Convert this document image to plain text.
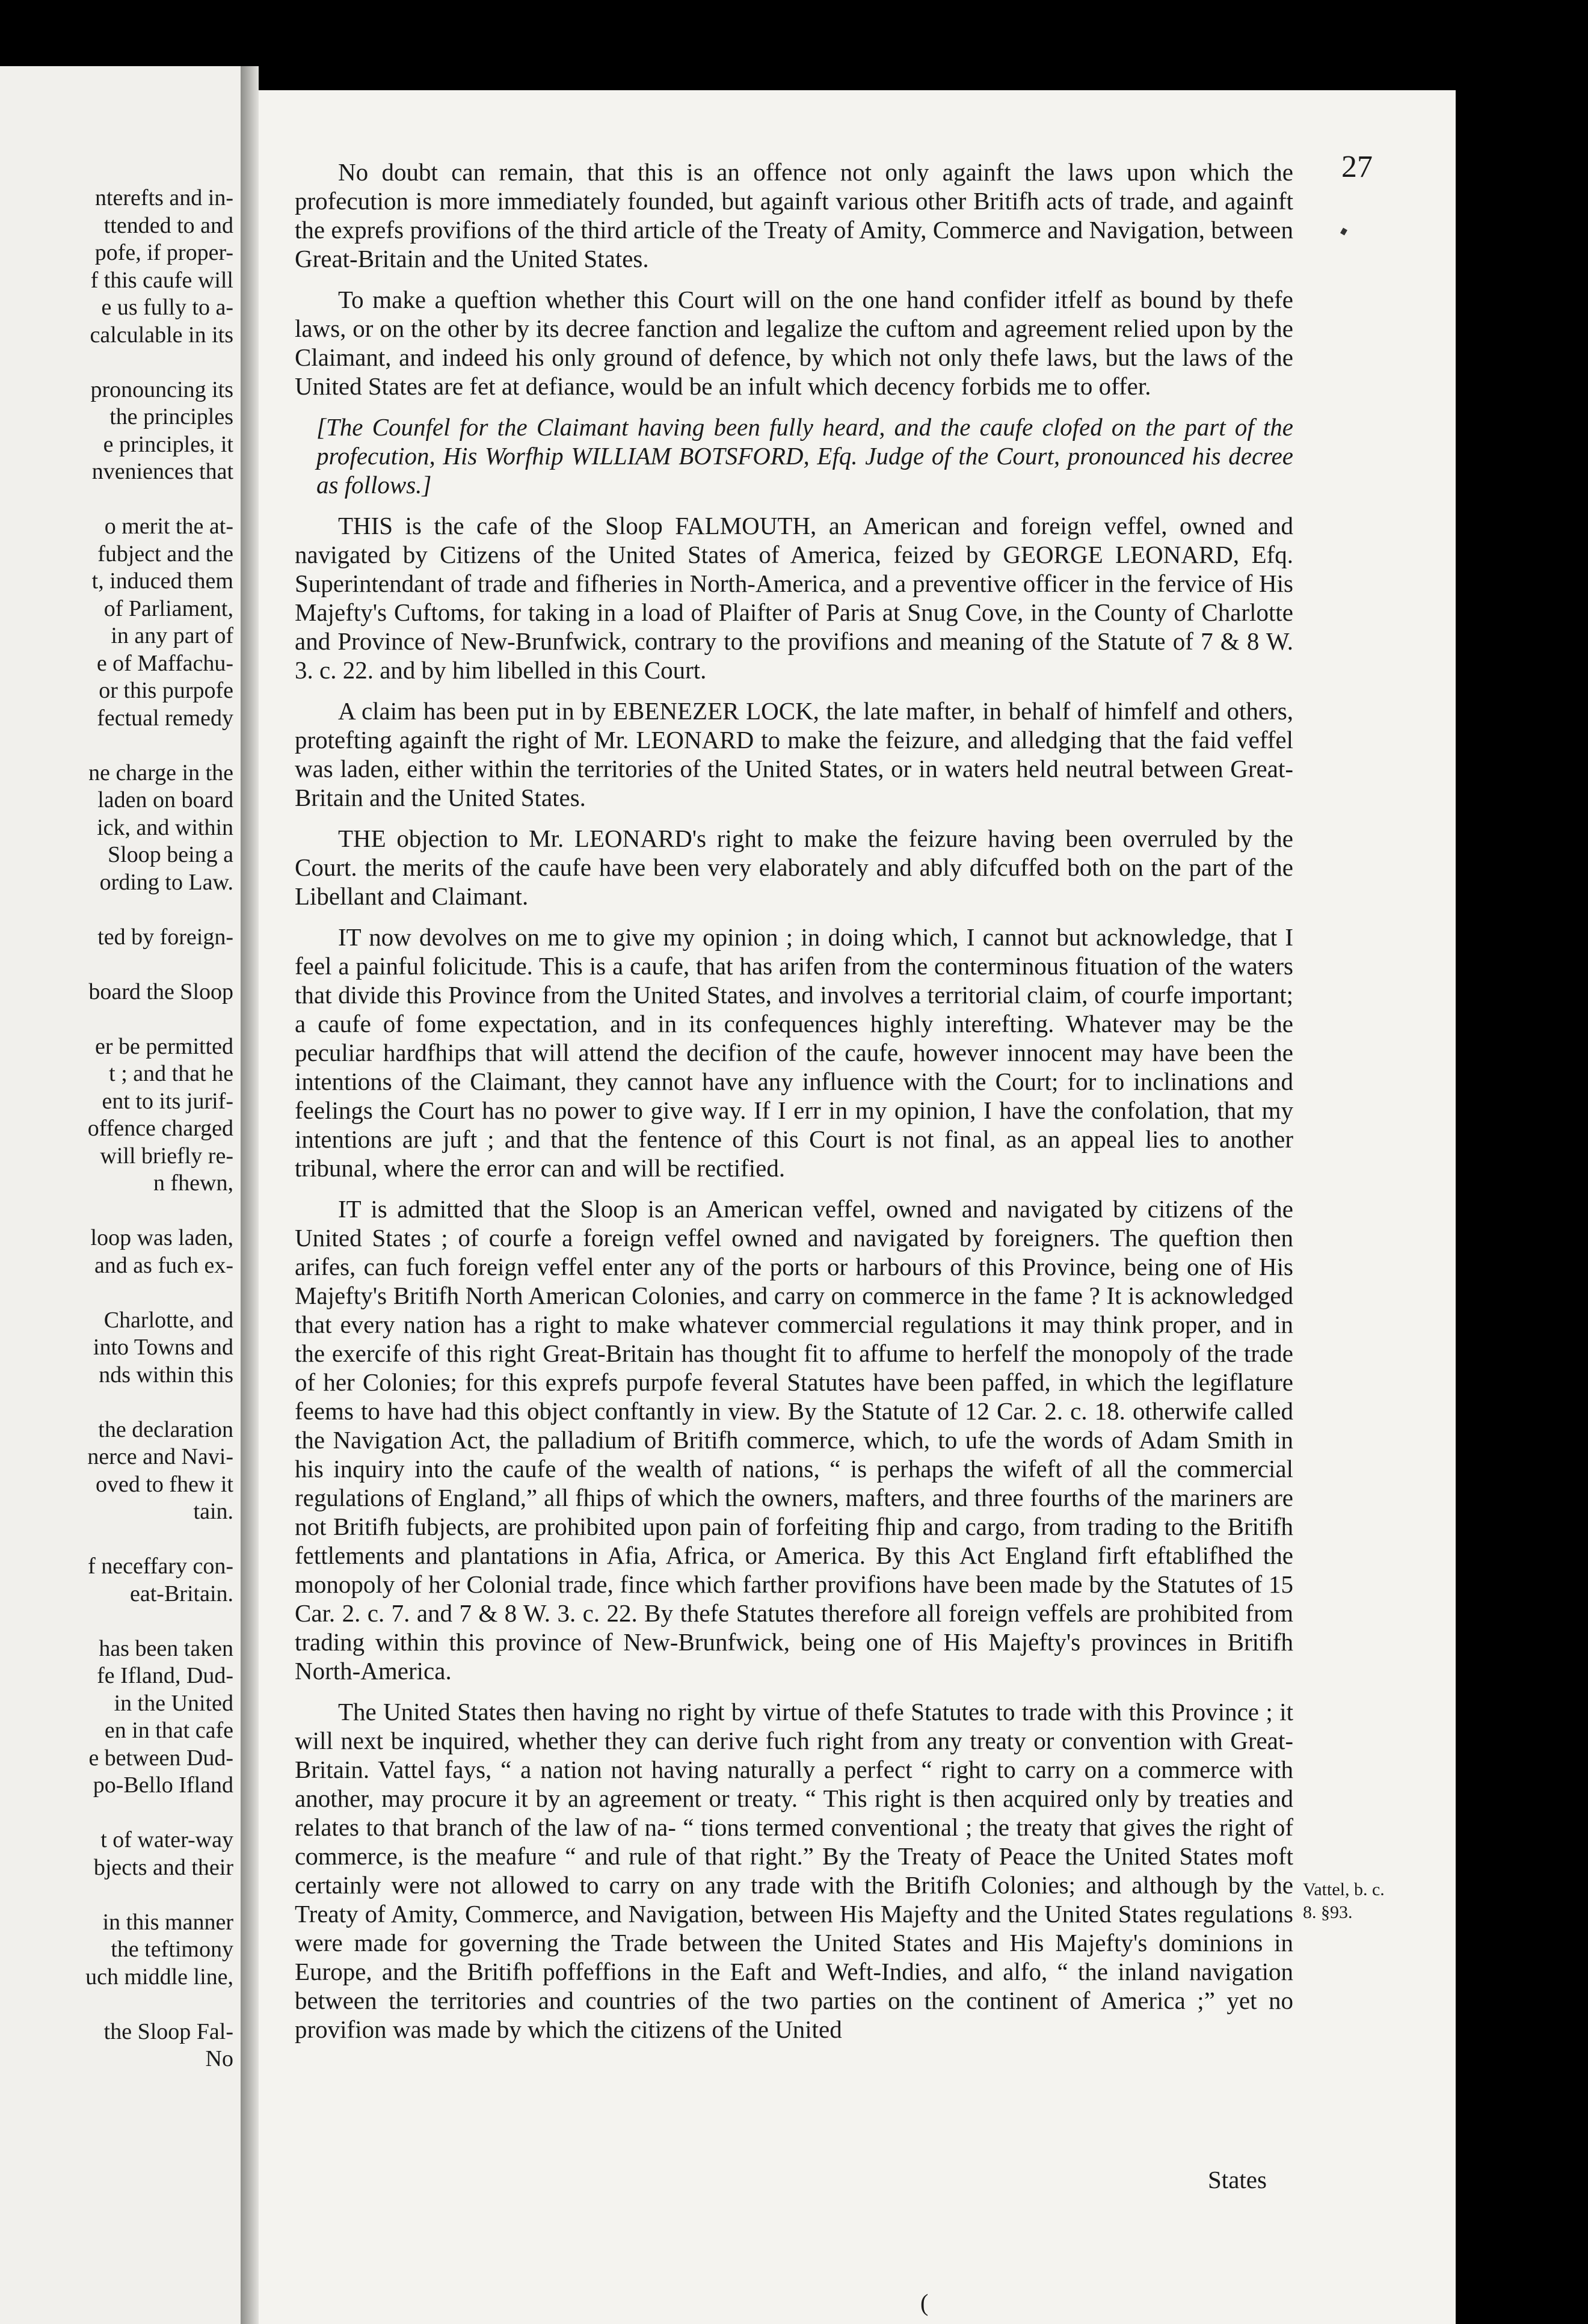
nterefts and in-
ttended to and
pofe, if proper-
f this caufe will
e us fully to a-
calculable in its
pronouncing its
the principles
e principles, it
nveniences that
o merit the at-
fubject and the
t, induced them
of Parliament,
in any part of
e of Maffachu-
or this purpofe
fectual remedy
ne charge in the
laden on board
ick, and within
Sloop being a
ording to Law.
ted by foreign-
board the Sloop
er be permitted
t ; and that he
ent to its jurif-
offence charged
will briefly re-
n fhewn,
loop was laden,
and as fuch ex-
Charlotte, and
into Towns and
nds within this
the declaration
nerce and Navi-
oved to fhew it
tain.
f neceffary con-
eat-Britain.
has been taken
fe Ifland, Dud-
in the United
en in that cafe
e between Dud-
po-Bello Ifland
t of water-way
bjects and their
in this manner
the teftimony
uch middle line,
the Sloop Fal-
No
27

No doubt can remain, that this is an offence not only againft the laws upon which the profecution is more immediately founded, but againft various other Britifh acts of trade, and againft the exprefs provifions of the third article of the Treaty of Amity, Commerce and Navigation, between Great-Britain and the United States.

To make a queftion whether this Court will on the one hand confider itfelf as bound by thefe laws, or on the other by its decree fanction and legalize the cuftom and agreement relied upon by the Claimant, and indeed his only ground of defence, by which not only thefe laws, but the laws of the United States are fet at defiance, would be an infult which decency forbids me to offer.

[The Counfel for the Claimant having been fully heard, and the caufe clofed on the part of the profecution, His Worfhip WILLIAM BOTSFORD, Efq. Judge of the Court, pronounced his decree as follows.]

THIS is the cafe of the Sloop FALMOUTH, an American and foreign veffel, owned and navigated by Citizens of the United States of America, feized by GEORGE LEONARD, Efq. Superintendant of trade and fifheries in North-America, and a preventive officer in the fervice of His Majefty's Cuftoms, for taking in a load of Plaifter of Paris at Snug Cove, in the County of Charlotte and Province of New-Brunfwick, contrary to the provifions and meaning of the Statute of 7 & 8 W. 3. c. 22. and by him libelled in this Court.

A claim has been put in by EBENEZER LOCK, the late mafter, in behalf of himfelf and others, protefting againft the right of Mr. LEONARD to make the feizure, and alledging that the faid veffel was laden, either within the territories of the United States, or in waters held neutral between Great-Britain and the United States.

THE objection to Mr. LEONARD's right to make the feizure having been overruled by the Court. the merits of the caufe have been very elaborately and ably difcuffed both on the part of the Libellant and Claimant.

IT now devolves on me to give my opinion ; in doing which, I cannot but acknowledge, that I feel a painful folicitude. This is a caufe, that has arifen from the conterminous fituation of the waters that divide this Province from the United States, and involves a territorial claim, of courfe important; a caufe of fome expectation, and in its confequences highly interefting. Whatever may be the peculiar hardfhips that will attend the decifion of the caufe, however innocent may have been the intentions of the Claimant, they cannot have any influence with the Court; for to inclinations and feelings the Court has no power to give way. If I err in my opinion, I have the confolation, that my intentions are juft ; and that the fentence of this Court is not final, as an appeal lies to another tribunal, where the error can and will be rectified.

IT is admitted that the Sloop is an American veffel, owned and navigated by citizens of the United States ; of courfe a foreign veffel owned and navigated by foreigners. The queftion then arifes, can fuch foreign veffel enter any of the ports or harbours of this Province, being one of His Majefty's Britifh North American Colonies, and carry on commerce in the fame ? It is acknowledged that every nation has a right to make whatever commercial regulations it may think proper, and in the exercife of this right Great-Britain has thought fit to affume to herfelf the monopoly of the trade of her Colonies; for this exprefs purpofe feveral Statutes have been paffed, in which the legiflature feems to have had this object conftantly in view. By the Statute of 12 Car. 2. c. 18. otherwife called the Navigation Act, the palladium of Britifh commerce, which, to ufe the words of Adam Smith in his inquiry into the caufe of the wealth of nations, “ is perhaps the wifeft of all the commercial regulations of England,” all fhips of which the owners, mafters, and three fourths of the mariners are not Britifh fubjects, are prohibited upon pain of forfeiting fhip and cargo, from trading to the Britifh fettlements and plantations in Afia, Africa, or America. By this Act England firft eftablifhed the monopoly of her Colonial trade, fince which farther provifions have been made by the Statutes of 15 Car. 2. c. 7. and 7 & 8 W. 3. c. 22. By thefe Statutes therefore all foreign veffels are prohibited from trading within this province of New-Brunfwick, being one of His Majefty's provinces in Britifh North-America.

The United States then having no right by virtue of thefe Statutes to trade with this Province ; it will next be inquired, whether they can derive fuch right from any treaty or convention with Great-Britain. Vattel fays, “ a nation not having naturally a perfect “ right to carry on a commerce with another, may procure it by an agreement or treaty. “ This right is then acquired only by treaties and relates to that branch of the law of na- “ tions termed conventional ; the treaty that gives the right of commerce, is the meafure “ and rule of that right.” By the Treaty of Peace the United States moft certainly were not allowed to carry on any trade with the Britifh Colonies; and although by the Treaty of Amity, Commerce, and Navigation, between His Majefty and the United States regulations were made for governing the Trade between the United States and His Majefty's dominions in Europe, and the Britifh poffeffions in the Eaft and Weft-Indies, and alfo, “ the inland navigation between the territories and countries of the two parties on the continent of America ;” yet no provifion was made by which the citizens of the United

Vattel, b. c. 8. §93.
States
(
